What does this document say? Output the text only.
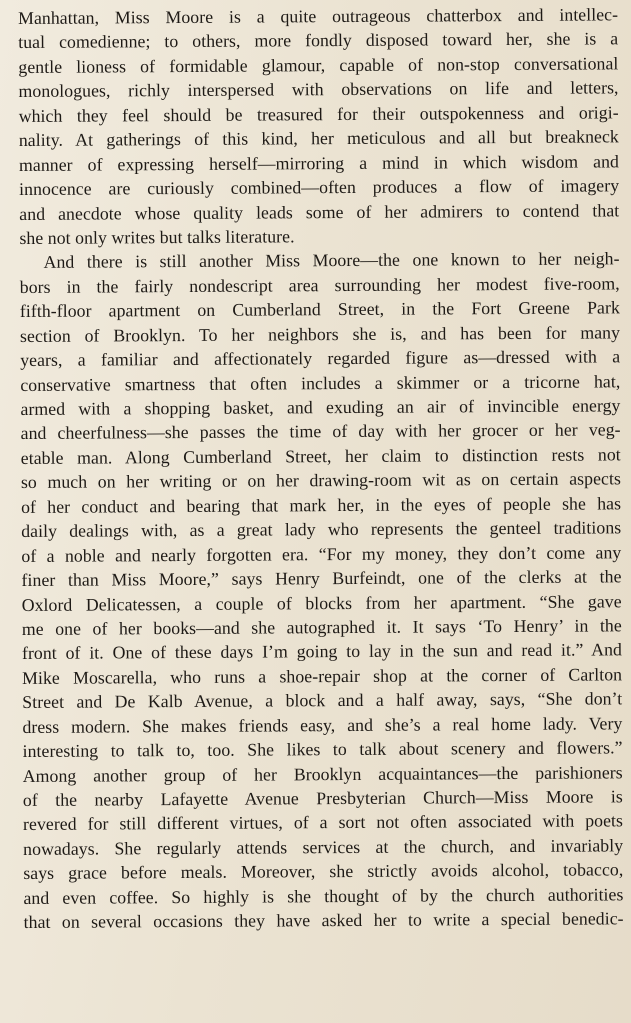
Manhattan, Miss Moore is a quite outrageous chatterbox and intellec-
tual comedienne; to others, more fondly disposed toward her, she is a
gentle lioness of formidable glamour, capable of non-stop conversational
monologues, richly interspersed with observations on life and letters,
which they feel should be treasured for their outspokenness and origi-
nality. At gatherings of this kind, her meticulous and all but breakneck
manner of expressing herself—mirroring a mind in which wisdom and
innocence are curiously combined—often produces a flow of imagery
and anecdote whose quality leads some of her admirers to contend that
she not only writes but talks literature.
And there is still another Miss Moore—the one known to her neigh-
bors in the fairly nondescript area surrounding her modest five-room,
fifth-floor apartment on Cumberland Street, in the Fort Greene Park
section of Brooklyn. To her neighbors she is, and has been for many
years, a familiar and affectionately regarded figure as—dressed with a
conservative smartness that often includes a skimmer or a tricorne hat,
armed with a shopping basket, and exuding an air of invincible energy
and cheerfulness—she passes the time of day with her grocer or her veg-
etable man. Along Cumberland Street, her claim to distinction rests not
so much on her writing or on her drawing-room wit as on certain aspects
of her conduct and bearing that mark her, in the eyes of people she has
daily dealings with, as a great lady who represents the genteel traditions
of a noble and nearly forgotten era. “For my money, they don’t come any
finer than Miss Moore,” says Henry Burfeindt, one of the clerks at the
Oxlord Delicatessen, a couple of blocks from her apartment. “She gave
me one of her books—and she autographed it. It says ‘To Henry’ in the
front of it. One of these days I’m going to lay in the sun and read it.” And
Mike Moscarella, who runs a shoe-repair shop at the corner of Carlton
Street and De Kalb Avenue, a block and a half away, says, “She don’t
dress modern. She makes friends easy, and she’s a real home lady. Very
interesting to talk to, too. She likes to talk about scenery and flowers.”
Among another group of her Brooklyn acquaintances—the parishioners
of the nearby Lafayette Avenue Presbyterian Church—Miss Moore is
revered for still different virtues, of a sort not often associated with poets
nowadays. She regularly attends services at the church, and invariably
says grace before meals. Moreover, she strictly avoids alcohol, tobacco,
and even coffee. So highly is she thought of by the church authorities
that on several occasions they have asked her to write a special benedic-
